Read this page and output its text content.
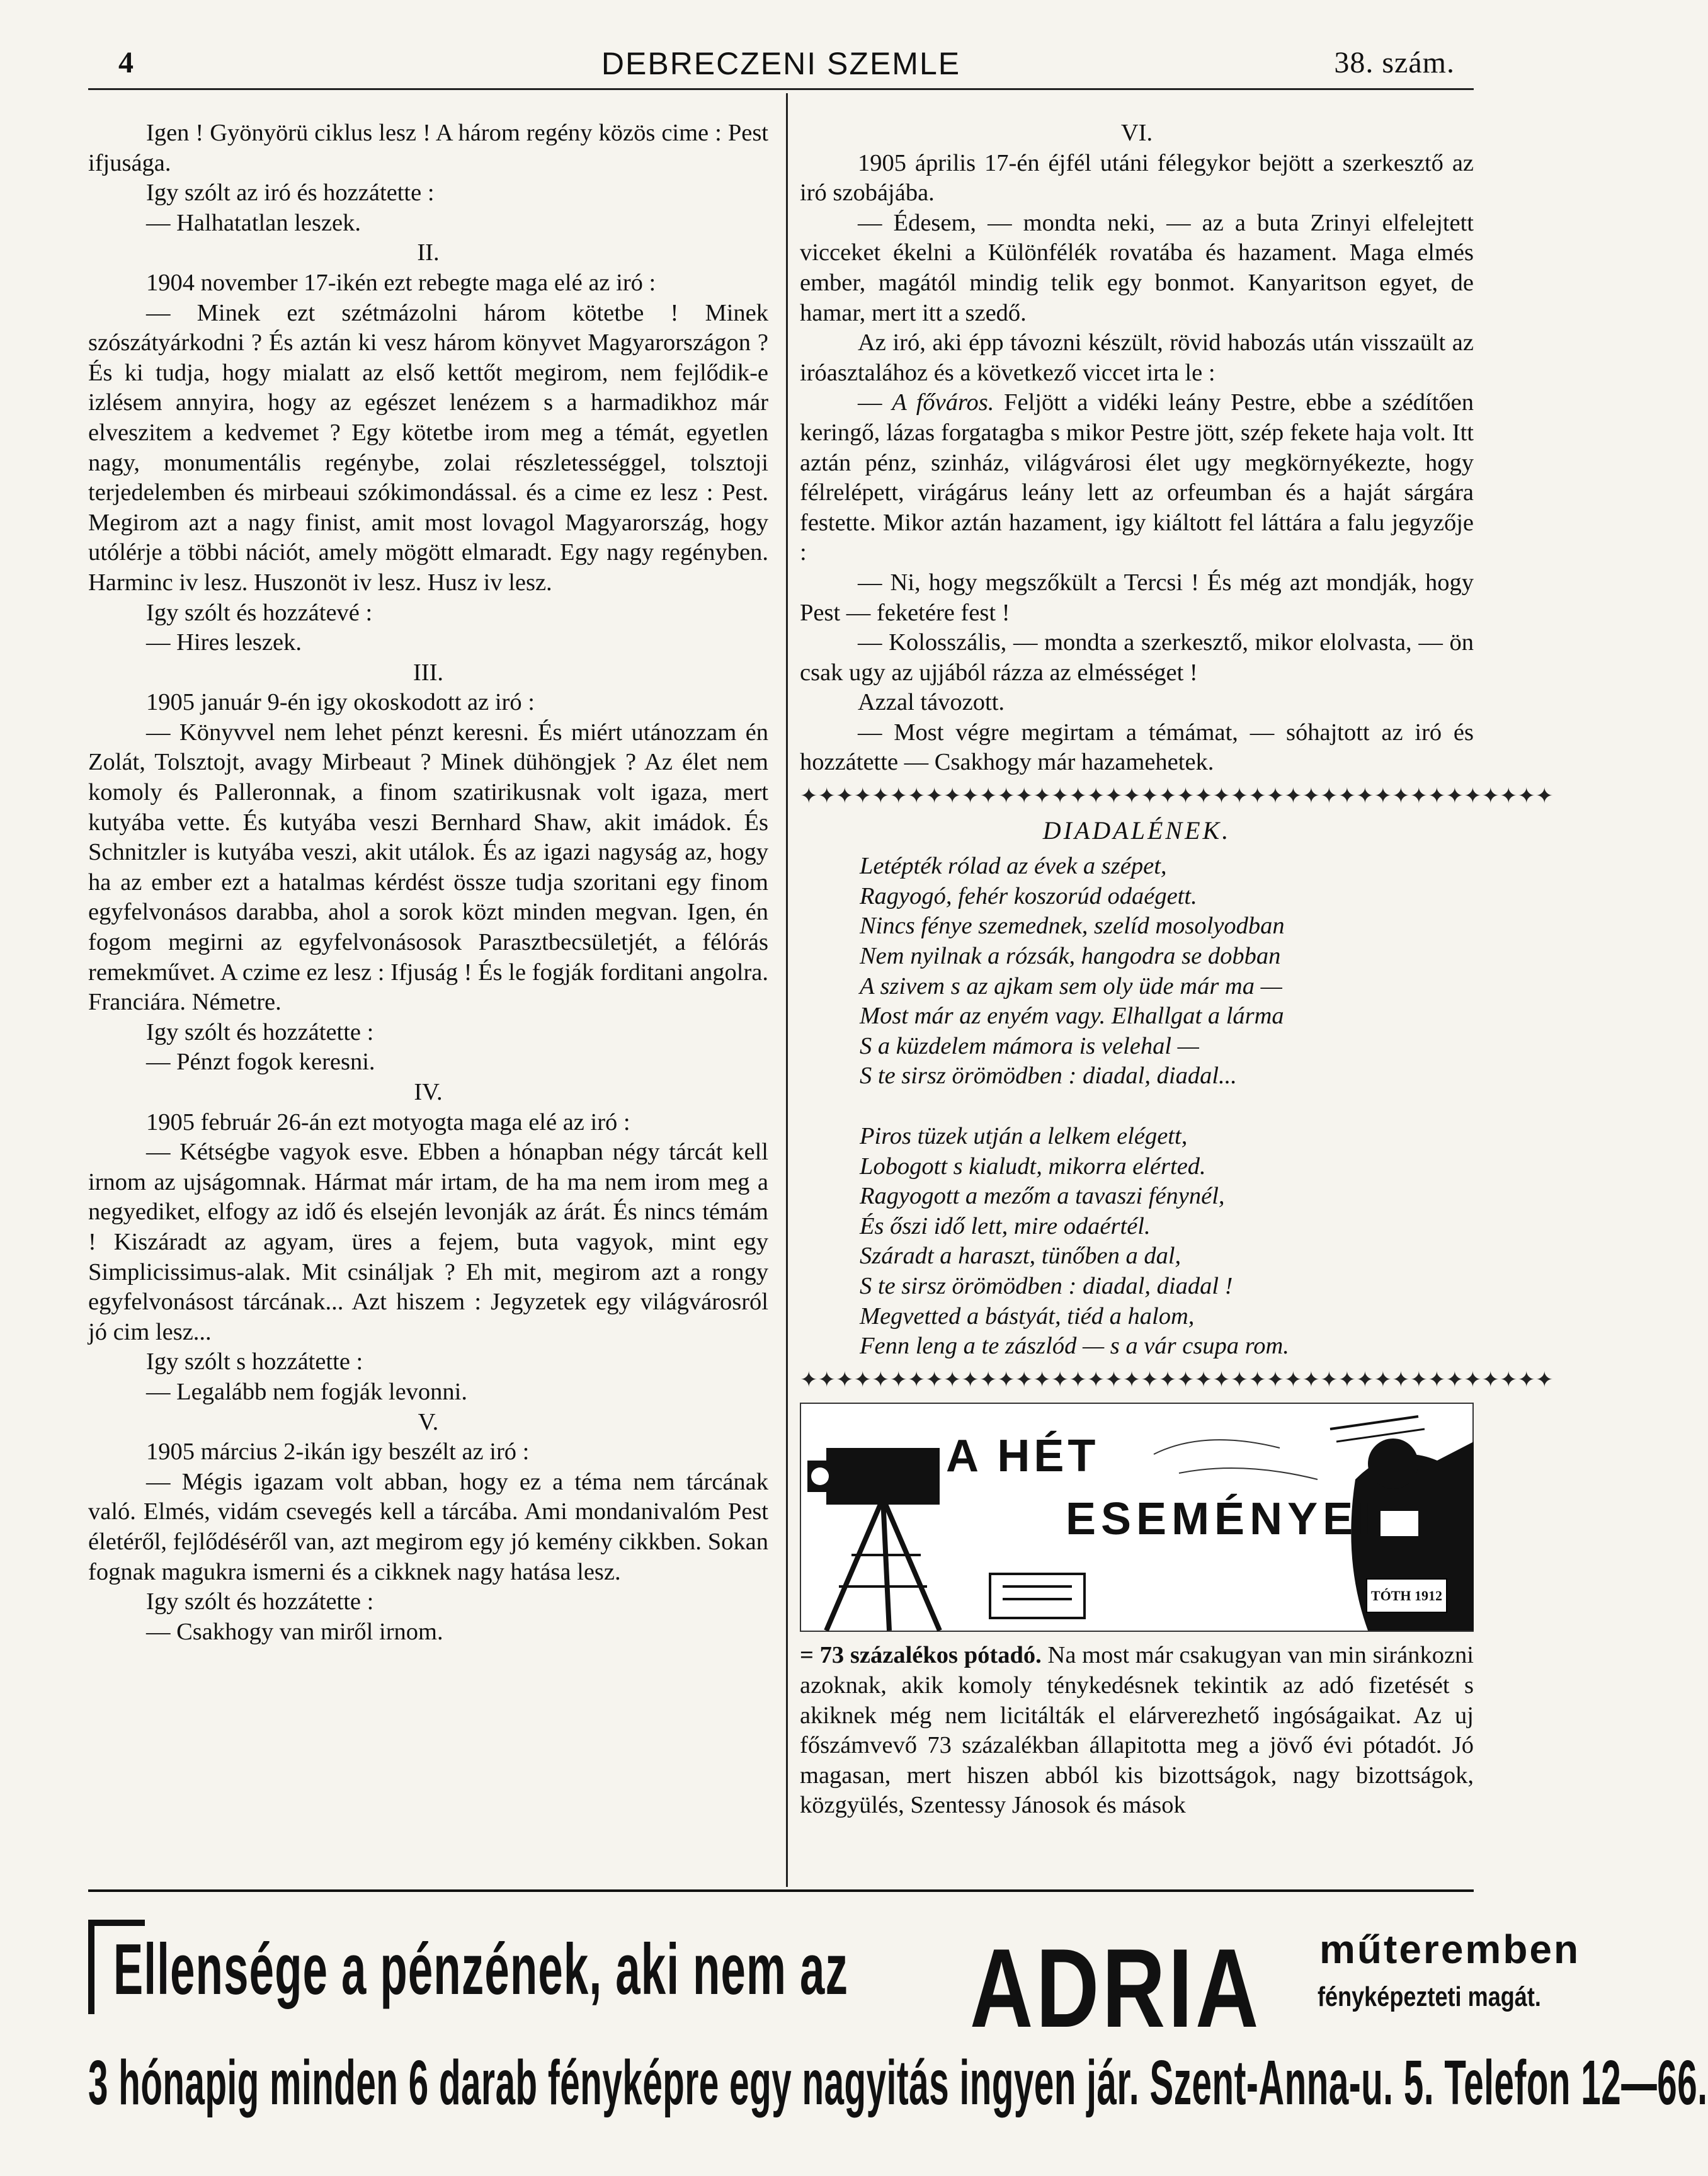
4	DEBRECZENI SZEMLE	38. szám.

Igen ! Gyönyörü ciklus lesz ! A három regény közös cime : Pest ifjusága.

Igy szólt az iró és hozzátette :

— Halhatatlan leszek.

II.

1904 november 17-ikén ezt rebegte maga elé az iró :

— Minek ezt szétmázolni három kötetbe ! Minek szószátyárkodni ? És aztán ki vesz három könyvet Magyarországon ? És ki tudja, hogy mialatt az első kettőt megirom, nem fejlődik-e izlésem annyira, hogy az egészet lenézem s a harmadikhoz már elveszitem a kedvemet ? Egy kötetbe irom meg a témát, egyetlen nagy, monumentális regénybe, zolai részletességgel, tolsztoji terjedelemben és mirbeaui szókimondással. és a cime ez lesz : Pest. Megirom azt a nagy finist, amit most lovagol Magyarország, hogy utólérje a többi nációt, amely mögött elmaradt. Egy nagy regényben. Harminc iv lesz. Huszonöt iv lesz. Husz iv lesz.

Igy szólt és hozzátevé :

— Hires leszek.

III.

1905 január 9-én igy okoskodott az iró :

— Könyvvel nem lehet pénzt keresni. És miért utánozzam én Zolát, Tolsztojt, avagy Mirbeaut ? Minek dühöngjek ? Az élet nem komoly és Palleronnak, a finom szatirikusnak volt igaza, mert kutyába vette. És kutyába veszi Bernhard Shaw, akit imádok. És Schnitzler is kutyába veszi, akit utálok. És az igazi nagyság az, hogy ha az ember ezt a hatalmas kérdést össze tudja szoritani egy finom egyfelvonásos darabba, ahol a sorok közt minden megvan. Igen, én fogom megirni az egyfelvonásosok Parasztbecsületjét, a félórás remekművet. A czime ez lesz : Ifjuság ! És le fogják forditani angolra. Franciára. Németre.

Igy szólt és hozzátette :

— Pénzt fogok keresni.

IV.

1905 február 26-án ezt motyogta maga elé az iró :

— Kétségbe vagyok esve. Ebben a hónapban négy tárcát kell irnom az ujságomnak. Hármat már irtam, de ha ma nem irom meg a negyediket, elfogy az idő és elsején levonják az árát. És nincs témám ! Kiszáradt az agyam, üres a fejem, buta vagyok, mint egy Simplicissimus-alak. Mit csináljak ? Eh mit, megirom azt a rongy egyfelvonásost tárcának... Azt hiszem : Jegyzetek egy világvárosról jó cim lesz...

Igy szólt s hozzátette :

— Legalább nem fogják levonni.

V.

1905 március 2-ikán igy beszélt az iró :

— Mégis igazam volt abban, hogy ez a téma nem tárcának való. Elmés, vidám csevegés kell a tárcába. Ami mondanivalóm Pest életéről, fejlődéséről van, azt megirom egy jó kemény cikkben. Sokan fognak magukra ismerni és a cikknek nagy hatása lesz.

Igy szólt és hozzátette :

— Csakhogy van miről irnom.

VI.

1905 április 17-én éjfél utáni félegykor bejött a szerkesztő az iró szobájába.

— Édesem, — mondta neki, — az a buta Zrinyi elfelejtett vicceket ékelni a Különfélék rovatába és hazament. Maga elmés ember, magától mindig telik egy bonmot. Kanyaritson egyet, de hamar, mert itt a szedő.

Az iró, aki épp távozni készült, rövid habozás után visszaült az iróasztalához és a következő viccet irta le :

— A főváros. Feljött a vidéki leány Pestre, ebbe a szédítően keringő, lázas forgatagba s mikor Pestre jött, szép fekete haja volt. Itt aztán pénz, szinház, világvárosi élet ugy megkörnyékezte, hogy félrelépett, virágárus leány lett az orfeumban és a haját sárgára festette. Mikor aztán hazament, igy kiáltott fel láttára a falu jegyzője :

— Ni, hogy megszőkült a Tercsi ! És még azt mondják, hogy Pest — feketére fest !

— Kolosszális, — mondta a szerkesztő, mikor elolvasta, — ön csak ugy az ujjából rázza az elmésséget !

Azzal távozott.

— Most végre megirtam a témámat, — sóhajtott az iró és hozzátette — Csakhogy már hazamehetek.

✦✦✦✦✦✦✦✦✦✦✦✦✦✦✦✦✦✦✦✦✦✦✦✦✦✦✦✦✦✦✦✦✦✦✦✦✦✦✦✦✦✦

DIADALÉNEK.

Letépték rólad az évek a szépet,

Ragyogó, fehér koszorúd odaégett.

Nincs fénye szemednek, szelíd mosolyodban

Nem nyilnak a rózsák, hangodra se dobban

A szivem s az ajkam sem oly üde már ma —

Most már az enyém vagy. Elhallgat a lárma

S a küzdelem mámora is velehal —

S te sirsz örömödben : diadal, diadal...

Piros tüzek utján a lelkem elégett,

Lobogott s kialudt, mikorra elérted.

Ragyogott a mezőm a tavaszi fénynél,

És őszi idő lett, mire odaértél.

Száradt a haraszt, tünőben a dal,

S te sirsz örömödben : diadal, diadal !

Megvetted a bástyát, tiéd a halom,

Fenn leng a te zászlód — s a vár csupa rom.

✦✦✦✦✦✦✦✦✦✦✦✦✦✦✦✦✦✦✦✦✦✦✦✦✦✦✦✦✦✦✦✦✦✦✦✦✦✦✦✦✦✦

A HÉT
ESEMÉNYEI
TÓTH 1912

= 73 százalékos pótadó. Na most már csakugyan van min siránkozni azoknak, akik komoly ténykedésnek tekintik az adó fizetését s akiknek még nem licitálták el elárverezhető ingóságaikat. Az uj főszámvevő 73 százalékban állapitotta meg a jövő évi pótadót. Jó magasan, mert hiszen abból kis bizottságok, nagy bizottságok, közgyülés, Szentessy Jánosok és mások

Ellensége a pénzének, aki nem az ADRIA műteremben
fényképezteti magát.
3 hónapig minden 6 darab fényképre egy nagyitás ingyen jár. Szent-Anna-u. 5. Telefon 12—66.
